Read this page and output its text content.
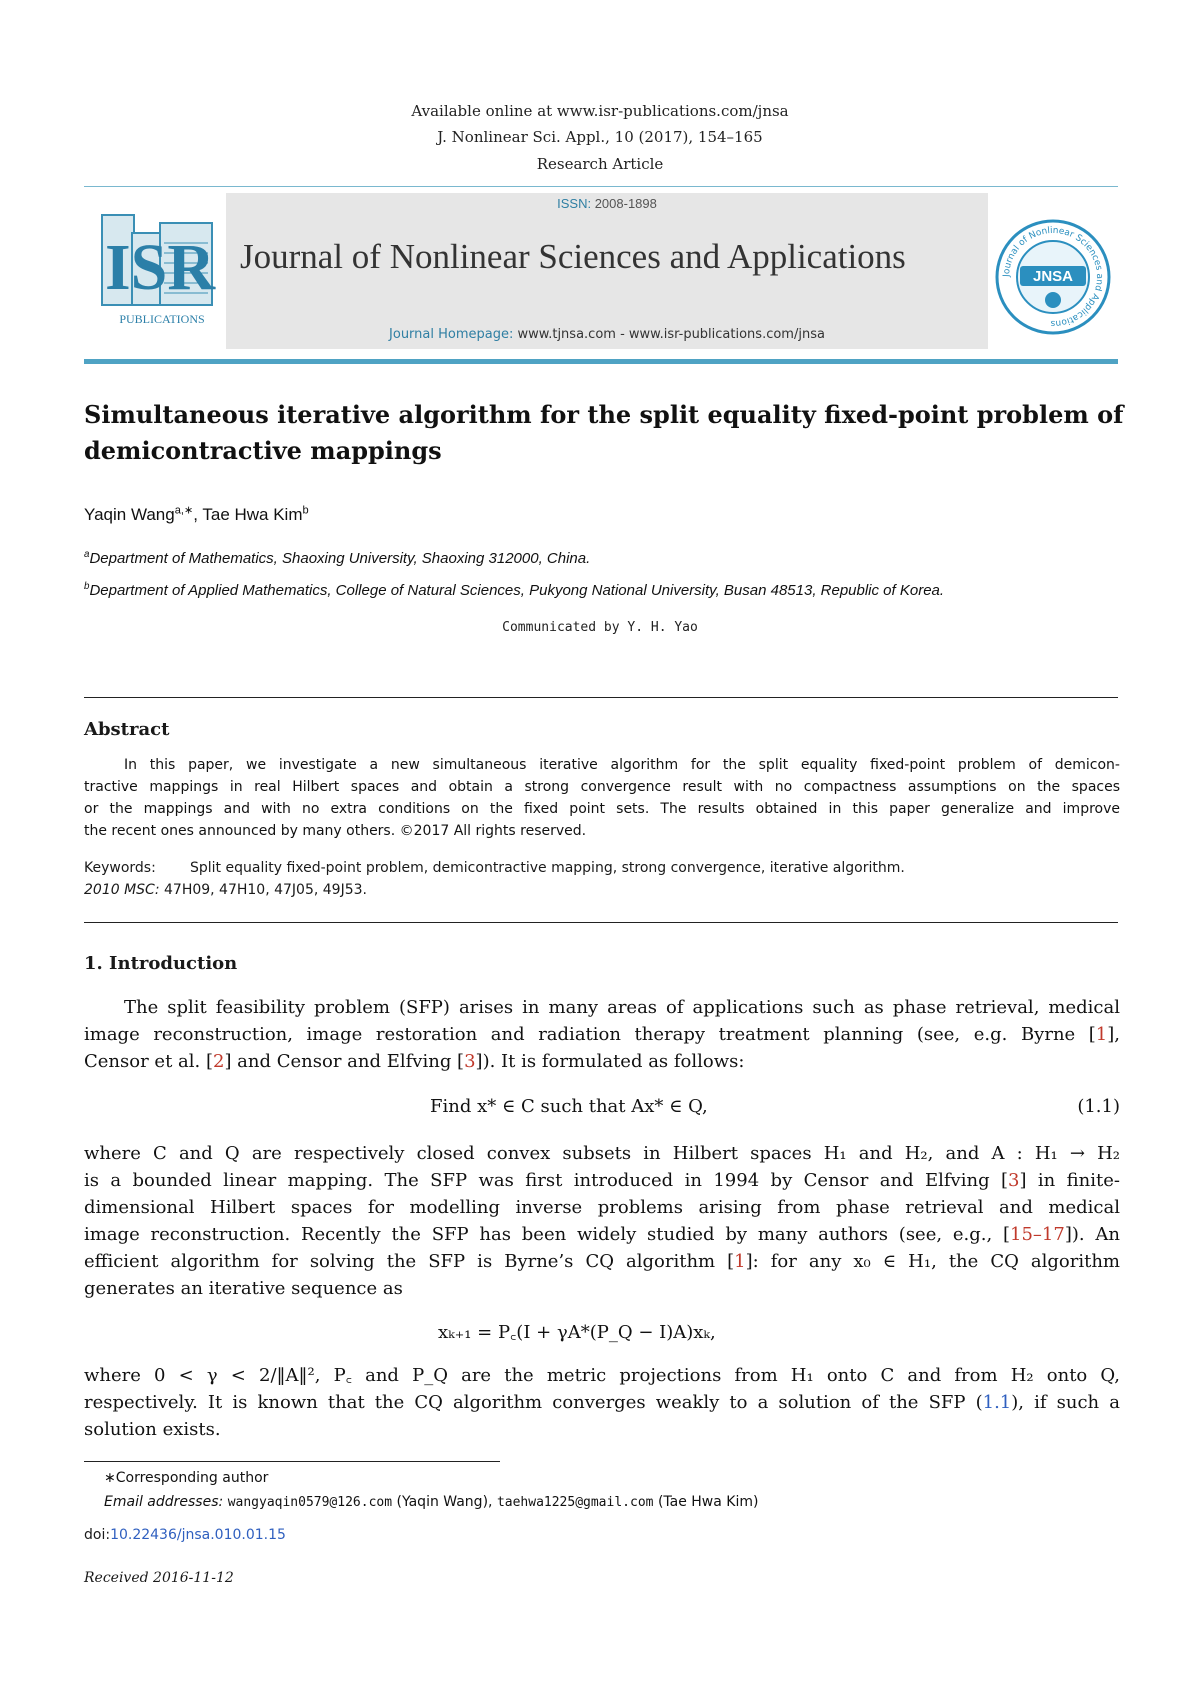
Available online at www.isr-publications.com/jnsa
J. Nonlinear Sci. Appl., 10 (2017), 154–165
Research Article
ISSN: 2008-1898
Journal of Nonlinear Sciences and Applications
Journal Homepage: www.tjnsa.com - www.isr-publications.com/jnsa
ISR
PUBLICATIONS
Journal of Nonlinear Sciences and Applications
JNSA
Simultaneous iterative algorithm for the split equality fixed-point problem of
demicontractive mappings
Yaqin Wang$^{a,∗}$, Tae Hwa Kim$^b$
$^a$Department of Mathematics, Shaoxing University, Shaoxing 312000, China.
$^b$Department of Applied Mathematics, College of Natural Sciences, Pukyong National University, Busan 48513, Republic of Korea.
Communicated by Y. H. Yao
Abstract
In this paper, we investigate a new simultaneous iterative algorithm for the split equality fixed-point problem of demicon-
tractive mappings in real Hilbert spaces and obtain a strong convergence result with no compactness assumptions on the spaces
or the mappings and with no extra conditions on the fixed point sets. The results obtained in this paper generalize and improve
the recent ones announced by many others. ©2017 All rights reserved.
Keywords: Split equality fixed-point problem, demicontractive mapping, strong convergence, iterative algorithm.
2010 MSC: 47H09, 47H10, 47J05, 49J53.
1. Introduction
The split feasibility problem (SFP) arises in many areas of applications such as phase retrieval, medical
image reconstruction, image restoration and radiation therapy treatment planning (see, e.g. Byrne [1],
Censor et al. [2] and Censor and Elfving [3]). It is formulated as follows:
Find x* ∈ C such that Ax* ∈ Q,	(1.1)
where C and Q are respectively closed convex subsets in Hilbert spaces H₁ and H₂, and A : H₁ → H₂
is a bounded linear mapping. The SFP was first introduced in 1994 by Censor and Elfving [3] in finite-
dimensional Hilbert spaces for modelling inverse problems arising from phase retrieval and medical
image reconstruction. Recently the SFP has been widely studied by many authors (see, e.g., [15–17]). An
efficient algorithm for solving the SFP is Byrne’s CQ algorithm [1]: for any x₀ ∈ H₁, the CQ algorithm
generates an iterative sequence as
xₖ₊₁ = P꜀(I + γA*(P_Q − I)A)xₖ,
where 0 < γ < 2/‖A‖², P꜀ and P_Q are the metric projections from H₁ onto C and from H₂ onto Q,
respectively. It is known that the CQ algorithm converges weakly to a solution of the SFP (1.1), if such a
solution exists.
∗Corresponding author
Email addresses: wangyaqin0579@126.com (Yaqin Wang), taehwa1225@gmail.com (Tae Hwa Kim)
doi:10.22436/jnsa.010.01.15
Received 2016-11-12
